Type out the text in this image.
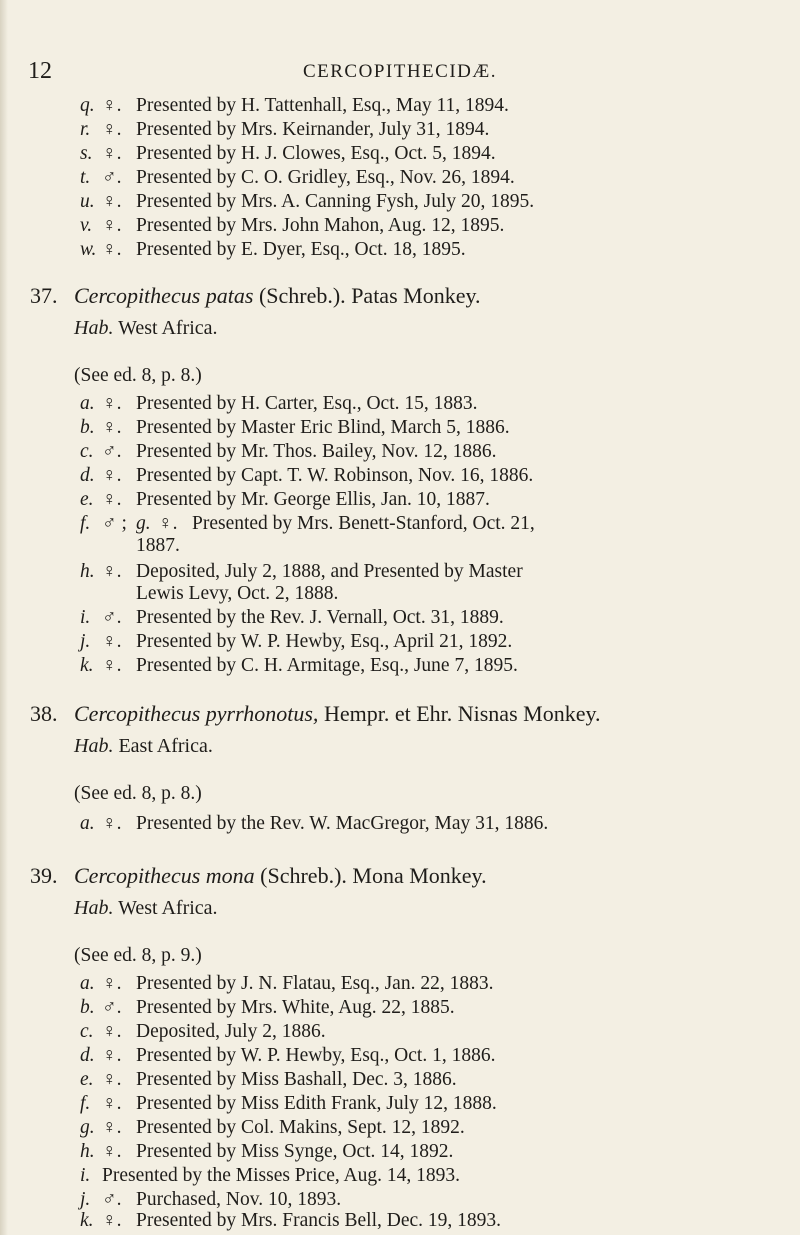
12	CERCOPITHECIDÆ.
q. ♀. Presented by H. Tattenhall, Esq., May 11, 1894.
r. ♀. Presented by Mrs. Keirnander, July 31, 1894.
s. ♀. Presented by H. J. Clowes, Esq., Oct. 5, 1894.
t. ♂. Presented by C. O. Gridley, Esq., Nov. 26, 1894.
u. ♀. Presented by Mrs. A. Canning Fysh, July 20, 1895.
v. ♀. Presented by Mrs. John Mahon, Aug. 12, 1895.
w. ♀. Presented by E. Dyer, Esq., Oct. 18, 1895.
37. Cercopithecus patas (Schreb.). Patas Monkey.
Hab. West Africa.
(See ed. 8, p. 8.)
a. ♀. Presented by H. Carter, Esq., Oct. 15, 1883.
b. ♀. Presented by Master Eric Blind, March 5, 1886.
c. ♂. Presented by Mr. Thos. Bailey, Nov. 12, 1886.
d. ♀. Presented by Capt. T. W. Robinson, Nov. 16, 1886.
e. ♀. Presented by Mr. George Ellis, Jan. 10, 1887.
f. ♂ ; g. ♀. Presented by Mrs. Benett-Stanford, Oct. 21,
1887.
h. ♀. Deposited, July 2, 1888, and Presented by Master
Lewis Levy, Oct. 2, 1888.
i. ♂. Presented by the Rev. J. Vernall, Oct. 31, 1889.
j. ♀. Presented by W. P. Hewby, Esq., April 21, 1892.
k. ♀. Presented by C. H. Armitage, Esq., June 7, 1895.
38. Cercopithecus pyrrhonotus, Hempr. et Ehr. Nisnas Monkey.
Hab. East Africa.
(See ed. 8, p. 8.)
a. ♀. Presented by the Rev. W. MacGregor, May 31, 1886.
39. Cercopithecus mona (Schreb.). Mona Monkey.
Hab. West Africa.
(See ed. 8, p. 9.)
a. ♀. Presented by J. N. Flatau, Esq., Jan. 22, 1883.
b. ♂. Presented by Mrs. White, Aug. 22, 1885.
c. ♀. Deposited, July 2, 1886.
d. ♀. Presented by W. P. Hewby, Esq., Oct. 1, 1886.
e. ♀. Presented by Miss Bashall, Dec. 3, 1886.
f. ♀. Presented by Miss Edith Frank, July 12, 1888.
g. ♀. Presented by Col. Makins, Sept. 12, 1892.
h. ♀. Presented by Miss Synge, Oct. 14, 1892.
i. Presented by the Misses Price, Aug. 14, 1893.
j. ♂. Purchased, Nov. 10, 1893.
k. ♀. Presented by Mrs. Francis Bell, Dec. 19, 1893.
